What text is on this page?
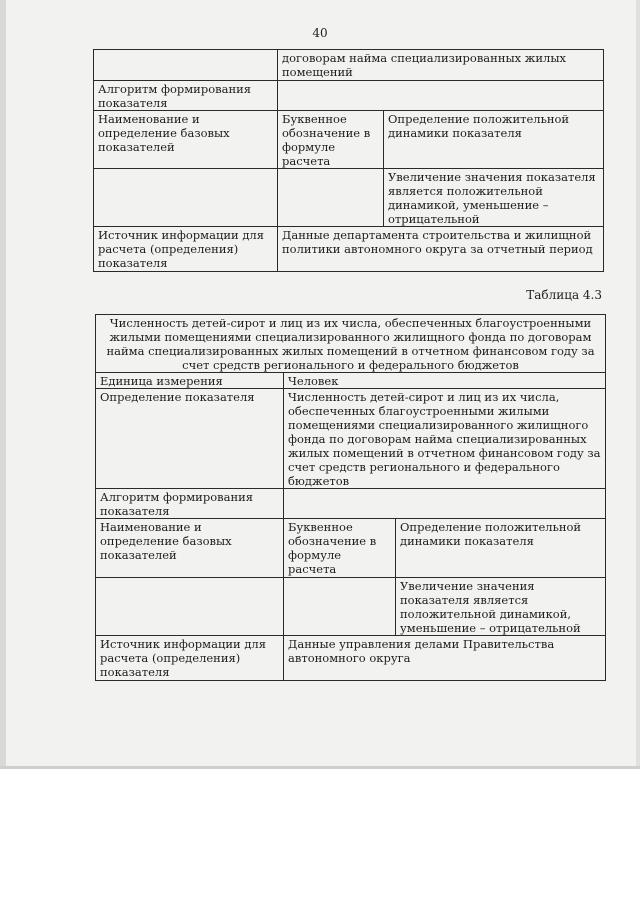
40
	договорам найма специализированных жилых помещений	
Алгоритм формирования показателя		
Наименование и определение базовых показателей	Буквенное обозначение в формуле расчета	Определение положительной динамики показателя
		Увеличение значения показателя является положительной динамикой, уменьшение – отрицательной
Источник информации для расчета (определения) показателя	Данные департамента строительства и жилищной политики автономного округа за отчетный период	
Таблица 4.3
Численность детей-сирот и лиц из их числа, обеспеченных благоустроенными жилыми помещениями специализированного жилищного фонда по договорам найма специализированных жилых помещений в отчетном финансовом году за счет средств регионального и федерального бюджетов		
Единица измерения	Человек	
Определение показателя	Численность детей-сирот и лиц из их числа, обеспеченных благоустроенными жилыми помещениями специализированного жилищного фонда по договорам найма специализированных жилых помещений в отчетном финансовом году за счет средств регионального и федерального бюджетов	
Алгоритм формирования показателя		
Наименование и определение базовых показателей	Буквенное обозначение в формуле расчета	Определение положительной динамики показателя
		Увеличение значения показателя является положительной динамикой, уменьшение – отрицательной
Источник информации для расчета (определения) показателя	Данные управления делами Правительства автономного округа	
